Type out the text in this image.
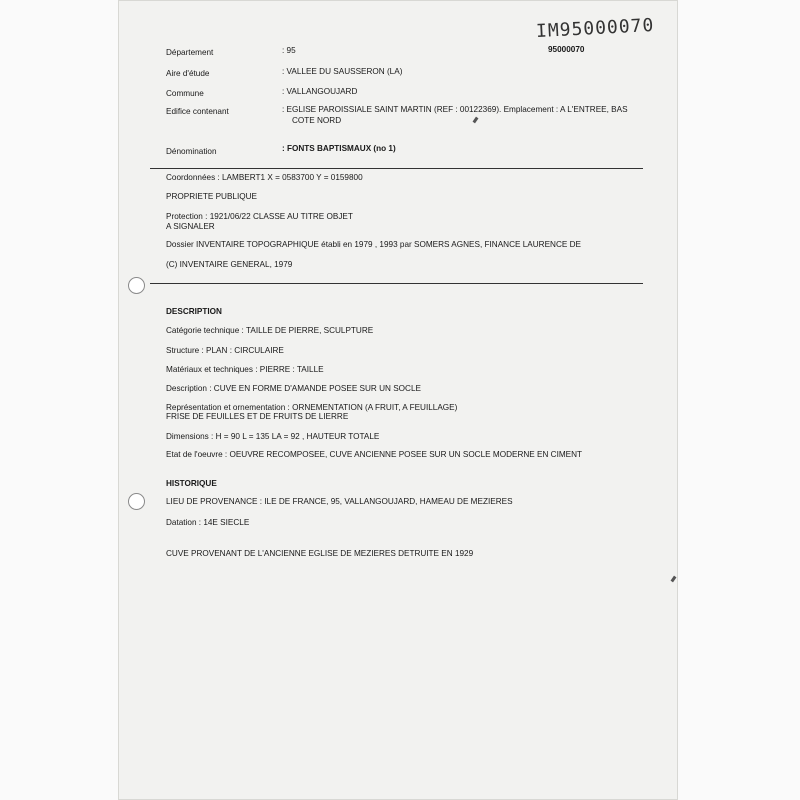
IM95000070
95000070
Département	: 95
Aire d'étude	: VALLEE DU SAUSSERON (LA)
Commune	: VALLANGOUJARD
Edifice contenant	: EGLISE PAROISSIALE SAINT MARTIN (REF : 00122369). Emplacement : A L'ENTREE, BAS
COTE NORD
Dénomination	: FONTS BAPTISMAUX (no 1)
Coordonnées : LAMBERT1 X = 0583700 Y = 0159800
PROPRIETE PUBLIQUE
Protection : 1921/06/22 CLASSE AU TITRE OBJET
A SIGNALER
Dossier INVENTAIRE TOPOGRAPHIQUE établi en 1979 , 1993 par SOMERS AGNES, FINANCE LAURENCE DE
(C) INVENTAIRE GENERAL, 1979
DESCRIPTION
Catégorie technique : TAILLE DE PIERRE, SCULPTURE
Structure : PLAN : CIRCULAIRE
Matériaux et techniques : PIERRE : TAILLE
Description : CUVE EN FORME D'AMANDE POSEE SUR UN SOCLE
Représentation et ornementation : ORNEMENTATION (A FRUIT, A FEUILLAGE)
FRISE DE FEUILLES ET DE FRUITS DE LIERRE
Dimensions : H = 90 L = 135 LA = 92 , HAUTEUR TOTALE
Etat de l'oeuvre : OEUVRE RECOMPOSEE, CUVE ANCIENNE POSEE SUR UN SOCLE MODERNE EN CIMENT
HISTORIQUE
LIEU DE PROVENANCE : ILE DE FRANCE, 95, VALLANGOUJARD, HAMEAU DE MEZIERES
Datation : 14E SIECLE
CUVE PROVENANT DE L'ANCIENNE EGLISE DE MEZIERES DETRUITE EN 1929
